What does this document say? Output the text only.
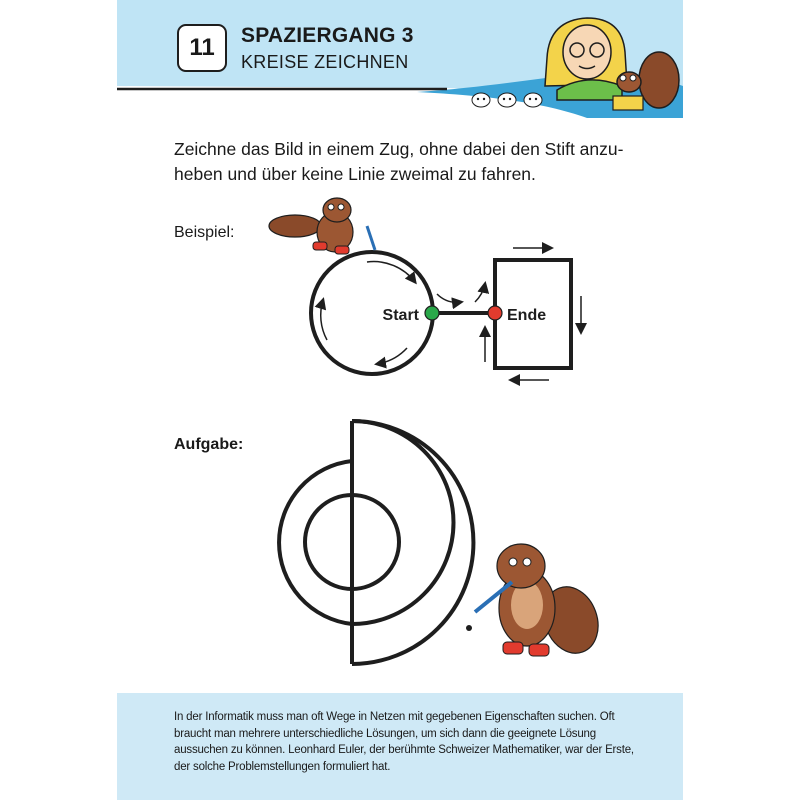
11	SPAZIERGANG 3
KREISE ZEICHNEN
Zeichne das Bild in einem Zug, ohne dabei den Stift anzu- heben und über keine Linie zweimal zu fahren.
Beispiel:
Aufgabe:
Start	Ende
In der Informatik muss man oft Wege in Netzen mit gegebenen Eigenschaften suchen. Oft braucht man mehrere unterschiedliche Lösungen, um sich dann die geeignete Lösung aussuchen zu können. Leonhard Euler, der berühmte Schweizer Mathematiker, war der Erste, der solche Problemstellungen formuliert hat.
